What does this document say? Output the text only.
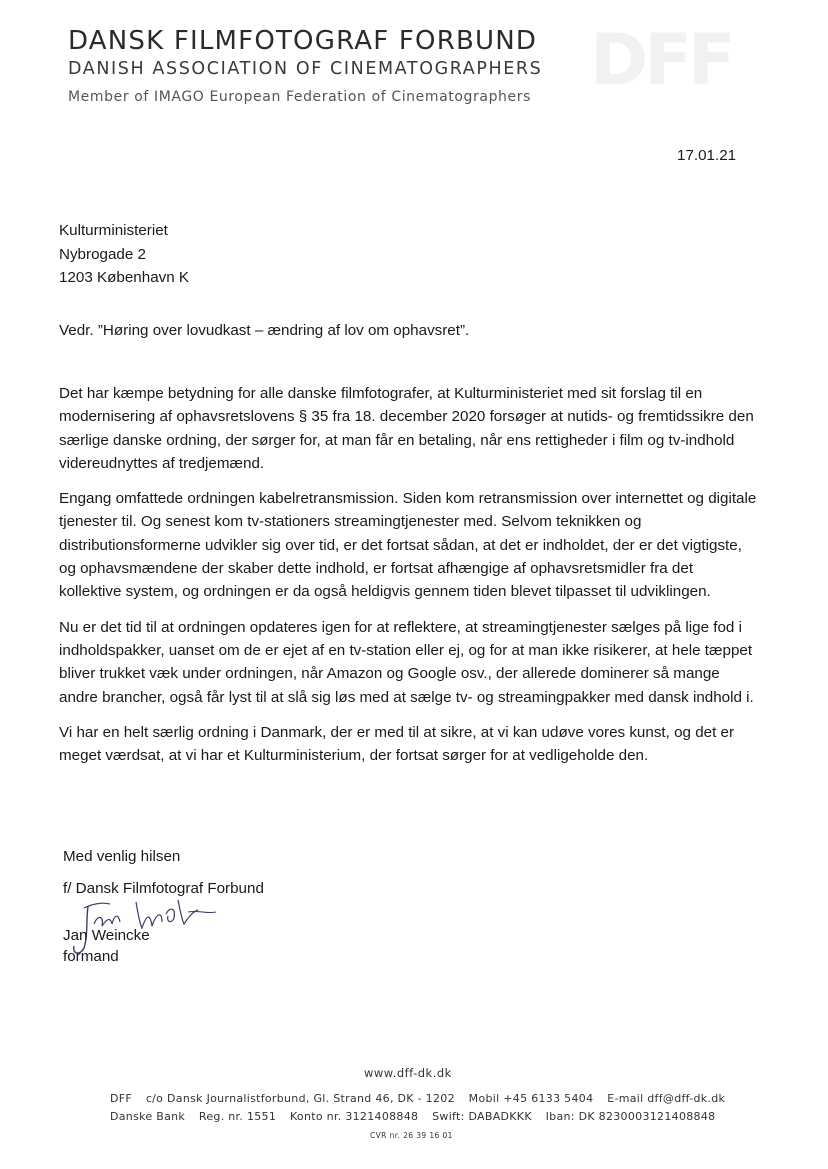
DFF
DANSK FILMFOTOGRAF FORBUND
DANISH ASSOCIATION OF CINEMATOGRAPHERS
Member of IMAGO European Federation of Cinematographers
17.01.21
Kulturministeriet
Nybrogade 2
1203 København K
Vedr. ”Høring over lovudkast – ændring af lov om ophavsret”.

Det har kæmpe betydning for alle danske filmfotografer, at Kulturministeriet med sit forslag til en modernisering af ophavsretslovens § 35 fra 18. december 2020 forsøger at nutids- og fremtidssikre den særlige danske ordning, der sørger for, at man får en betaling, når ens rettigheder i film og tv-indhold videreudnyttes af tredjemænd.

Engang omfattede ordningen kabelretransmission. Siden kom retransmission over internettet og digitale tjenester til. Og senest kom tv-stationers streamingtjenester med. Selvom teknikken og distributionsformerne udvikler sig over tid, er det fortsat sådan, at det er indholdet, der er det vigtigste, og ophavsmændene der skaber dette indhold, er fortsat afhængige af ophavsretsmidler fra det kollektive system, og ordningen er da også heldigvis gennem tiden blevet tilpasset til udviklingen.

Nu er det tid til at ordningen opdateres igen for at reflektere, at streamingtjenester sælges på lige fod i indholdspakker, uanset om de er ejet af en tv-station eller ej, og for at man ikke risikerer, at hele tæppet bliver trukket væk under ordningen, når Amazon og Google osv., der allerede dominerer så mange andre brancher, også får lyst til at slå sig løs med at sælge tv- og streamingpakker med dansk indhold i.

Vi har en helt særlig ordning i Danmark, der er med til at sikre, at vi kan udøve vores kunst, og det er meget værdsat, at vi har et Kulturministerium, der fortsat sørger for at vedligeholde den.

Med venlig hilsen
f/ Dansk Filmfotograf Forbund
Jan Weincke
formand
www.dff-dk.dk
DFF c/o Dansk Journalistforbund, Gl. Strand 46, DK - 1202 Mobil +45 6133 5404 E-mail dff@dff-dk.dk
Danske Bank Reg. nr. 1551 Konto nr. 3121408848 Swift: DABADKKK Iban: DK 8230003121408848
CVR nr. 26 39 16 01
